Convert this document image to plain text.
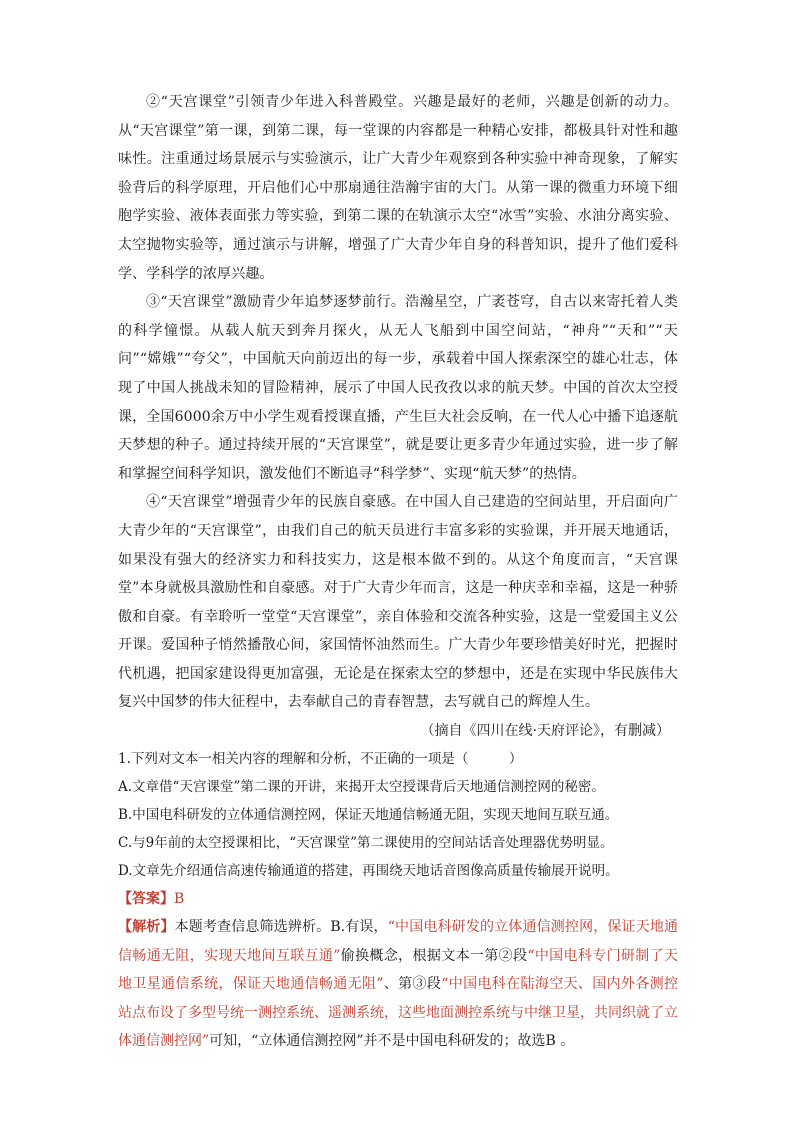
②“天宫课堂”引领青少年进入科普殿堂。兴趣是最好的老师，兴趣是创新的动力。从“天宫课堂”第一课，到第二课，每一堂课的内容都是一种精心安排，都极具针对性和趣味性。注重通过场景展示与实验演示，让广大青少年观察到各种实验中神奇现象，了解实验背后的科学原理，开启他们心中那扇通往浩瀚宇宙的大门。从第一课的微重力环境下细胞学实验、液体表面张力等实验，到第二课的在轨演示太空“冰雪”实验、水油分离实验、太空抛物实验等，通过演示与讲解，增强了广大青少年自身的科普知识，提升了他们爱科学、学科学的浓厚兴趣。

③“天宫课堂”激励青少年追梦逐梦前行。浩瀚星空，广袤苍穹，自古以来寄托着人类的科学憧憬。从载人航天到奔月探火，从无人飞船到中国空间站，“神舟”“天和”“天问”“嫦娥”“夸父”，中国航天向前迈出的每一步，承载着中国人探索深空的雄心壮志，体现了中国人挑战未知的冒险精神，展示了中国人民孜孜以求的航天梦。中国的首次太空授课，全国6000余万中小学生观看授课直播，产生巨大社会反响，在一代人心中播下追逐航天梦想的种子。通过持续开展的“天宫课堂”，就是要让更多青少年通过实验，进一步了解和掌握空间科学知识，激发他们不断追寻“科学梦”、实现“航天梦”的热情。

④“天宫课堂”增强青少年的民族自豪感。在中国人自己建造的空间站里，开启面向广大青少年的“天宫课堂”，由我们自己的航天员进行丰富多彩的实验课，并开展天地通话，如果没有强大的经济实力和科技实力，这是根本做不到的。从这个角度而言，“天宫课堂”本身就极具激励性和自豪感。对于广大青少年而言，这是一种庆幸和幸福，这是一种骄傲和自豪。有幸聆听一堂堂“天宫课堂”，亲自体验和交流各种实验，这是一堂爱国主义公开课。爱国种子悄然播散心间，家国情怀油然而生。广大青少年要珍惜美好时光，把握时代机遇，把国家建设得更加富强，无论是在探索太空的梦想中，还是在实现中华民族伟大复兴中国梦的伟大征程中，去奉献自己的青春智慧，去写就自己的辉煌人生。

（摘自《四川在线·天府评论》，有删减）

1.下列对文本一相关内容的理解和分析，不正确的一项是（　　　）

A.文章借“天宫课堂”第二课的开讲，来揭开太空授课背后天地通信测控网的秘密。

B.中国电科研发的立体通信测控网，保证天地通信畅通无阻，实现天地间互联互通。

C.与9年前的太空授课相比，“天宫课堂”第二课使用的空间站话音处理器优势明显。

D.文章先介绍通信高速传输通道的搭建，再围绕天地话音图像高质量传输展开说明。

【答案】B

【解析】本题考查信息筛选辨析。B.有误，“中国电科研发的立体通信测控网，保证天地通信畅通无阻，实现天地间互联互通”偷换概念，根据文本一第②段“中国电科专门研制了天地卫星通信系统，保证天地通信畅通无阻”、第③段“中国电科在陆海空天、国内外各测控站点布设了多型号统一测控系统、遥测系统，这些地面测控系统与中继卫星，共同织就了立体通信测控网”可知，“立体通信测控网”并不是中国电科研发的；故选B 。
